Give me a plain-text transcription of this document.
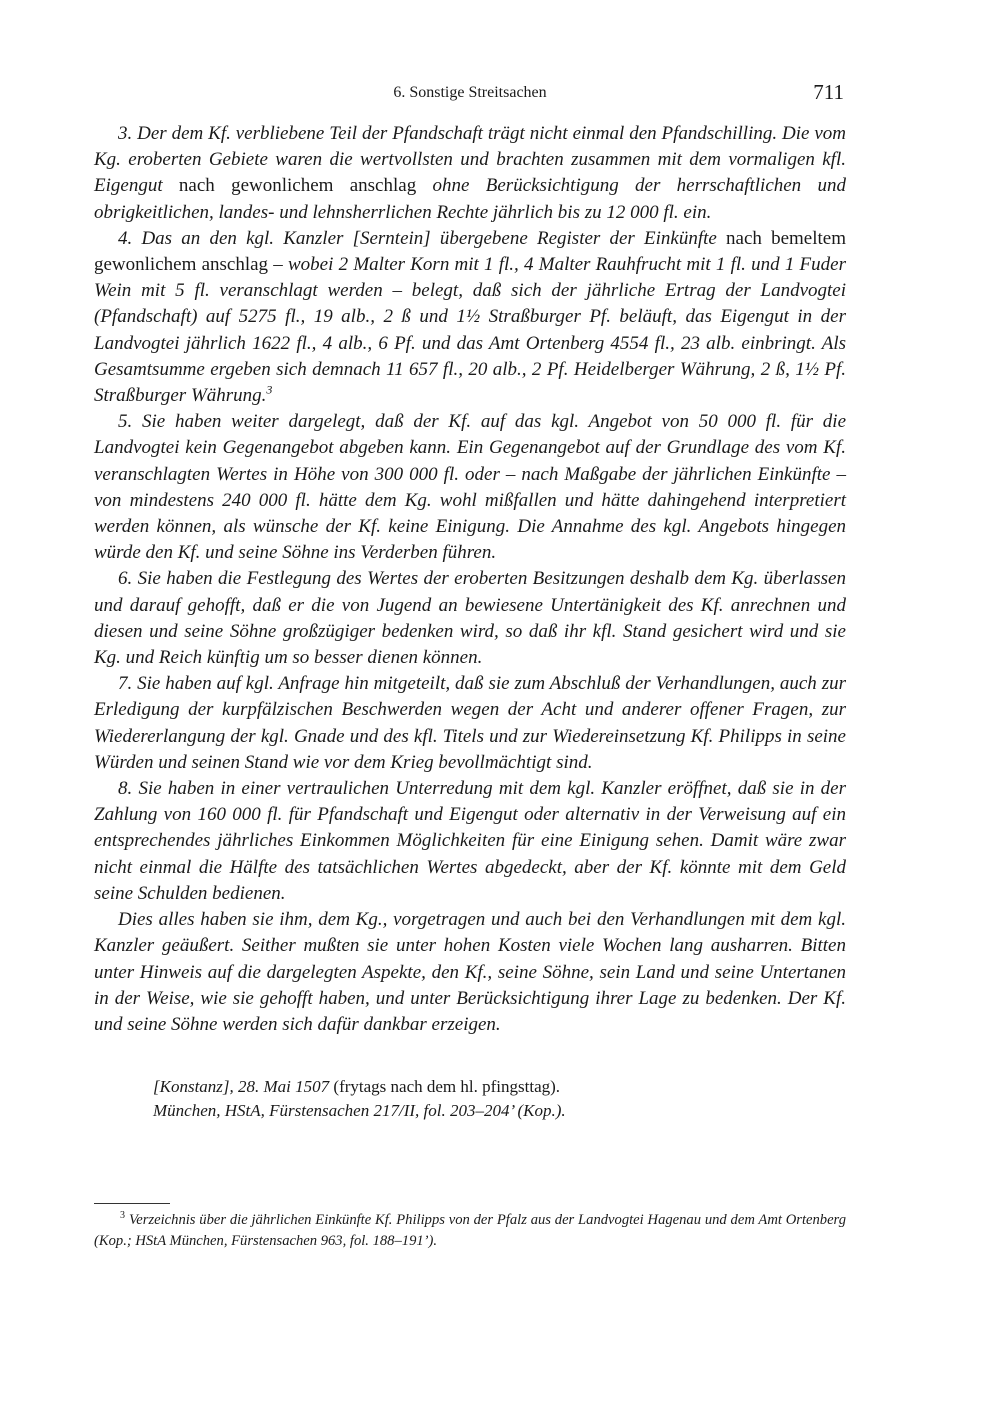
6. Sonstige Streitsachen	711

3. Der dem Kf. verbliebene Teil der Pfandschaft trägt nicht einmal den Pfandschilling. Die vom Kg. eroberten Gebiete waren die wertvollsten und brachten zusammen mit dem vormaligen kfl. Eigengut nach gewonlichem anschlag ohne Berücksichtigung der herrschaftlichen und obrigkeitlichen, landes- und lehnsherrlichen Rechte jährlich bis zu 12 000 fl. ein.

4. Das an den kgl. Kanzler [Serntein] übergebene Register der Einkünfte nach bemeltem gewonlichem anschlag – wobei 2 Malter Korn mit 1 fl., 4 Malter Rauhfrucht mit 1 fl. und 1 Fuder Wein mit 5 fl. veranschlagt werden – belegt, daß sich der jährliche Ertrag der Landvogtei (Pfandschaft) auf 5275 fl., 19 alb., 2 ß und 1½ Straßburger Pf. beläuft, das Eigengut in der Landvogtei jährlich 1622 fl., 4 alb., 6 Pf. und das Amt Ortenberg 4554 fl., 23 alb. einbringt. Als Gesamtsumme ergeben sich demnach 11 657 fl., 20 alb., 2 Pf. Heidelberger Währung, 2 ß, 1½ Pf. Straßburger Währung.$^3$

5. Sie haben weiter dargelegt, daß der Kf. auf das kgl. Angebot von 50 000 fl. für die Landvogtei kein Gegenangebot abgeben kann. Ein Gegenangebot auf der Grundlage des vom Kf. veranschlagten Wertes in Höhe von 300 000 fl. oder – nach Maßgabe der jährlichen Einkünfte – von mindestens 240 000 fl. hätte dem Kg. wohl mißfallen und hätte dahingehend interpretiert werden können, als wünsche der Kf. keine Einigung. Die Annahme des kgl. Angebots hingegen würde den Kf. und seine Söhne ins Verderben führen.

6. Sie haben die Festlegung des Wertes der eroberten Besitzungen deshalb dem Kg. überlassen und darauf gehofft, daß er die von Jugend an bewiesene Untertänigkeit des Kf. anrechnen und diesen und seine Söhne großzügiger bedenken wird, so daß ihr kfl. Stand gesichert wird und sie Kg. und Reich künftig um so besser dienen können.

7. Sie haben auf kgl. Anfrage hin mitgeteilt, daß sie zum Abschluß der Verhandlungen, auch zur Erledigung der kurpfälzischen Beschwerden wegen der Acht und anderer offener Fragen, zur Wiedererlangung der kgl. Gnade und des kfl. Titels und zur Wiedereinsetzung Kf. Philipps in seine Würden und seinen Stand wie vor dem Krieg bevollmächtigt sind.

8. Sie haben in einer vertraulichen Unterredung mit dem kgl. Kanzler eröffnet, daß sie in der Zahlung von 160 000 fl. für Pfandschaft und Eigengut oder alternativ in der Verweisung auf ein entsprechendes jährliches Einkommen Möglichkeiten für eine Einigung sehen. Damit wäre zwar nicht einmal die Hälfte des tatsächlichen Wertes abgedeckt, aber der Kf. könnte mit dem Geld seine Schulden bedienen.

Dies alles haben sie ihm, dem Kg., vorgetragen und auch bei den Verhandlungen mit dem kgl. Kanzler geäußert. Seither mußten sie unter hohen Kosten viele Wochen lang ausharren. Bitten unter Hinweis auf die dargelegten Aspekte, den Kf., seine Söhne, sein Land und seine Untertanen in der Weise, wie sie gehofft haben, und unter Berücksichtigung ihrer Lage zu bedenken. Der Kf. und seine Söhne werden sich dafür dankbar erzeigen.

[Konstanz], 28. Mai 1507 (frytags nach dem hl. pfingsttag).
München, HStA, Fürstensachen 217/II, fol. 203–204’ (Kop.).

$^3$ Verzeichnis über die jährlichen Einkünfte Kf. Philipps von der Pfalz aus der Landvogtei Hagenau und dem Amt Ortenberg (Kop.; HStA München, Fürstensachen 963, fol. 188–191’).
